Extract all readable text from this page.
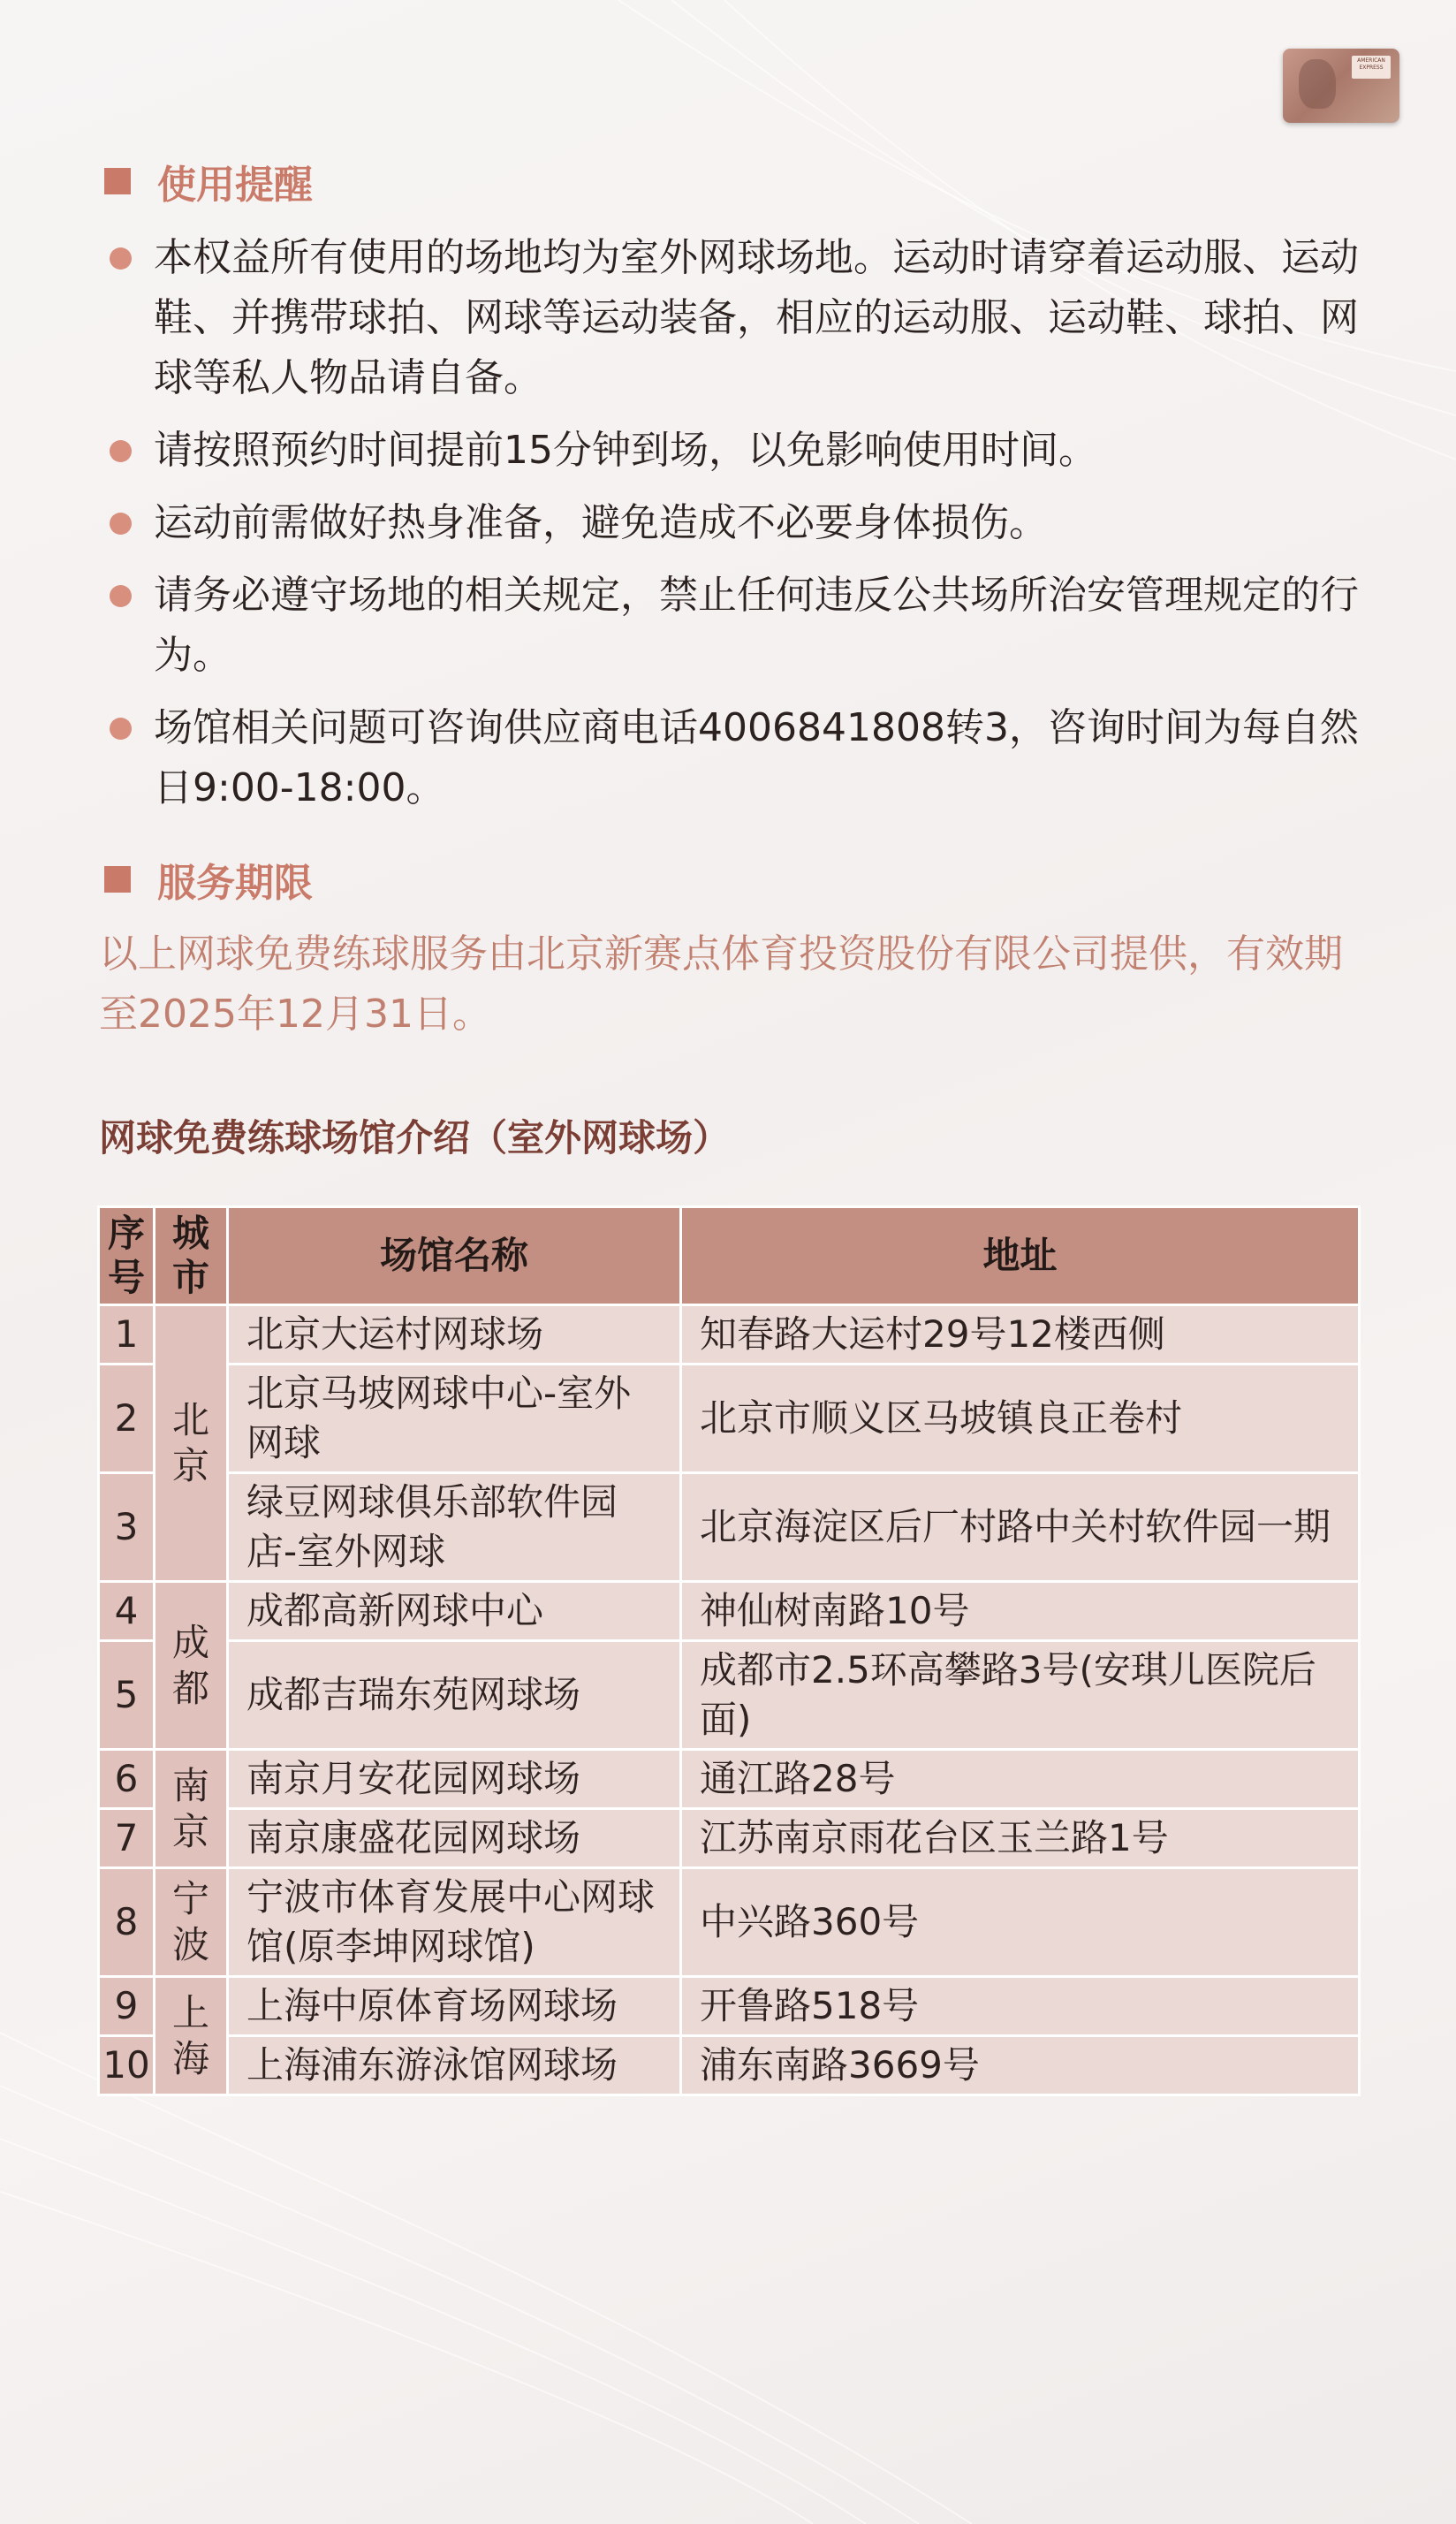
AMERICAN
EXPRESS
使用提醒
本权益所有使用的场地均为室外网球场地。运动时请穿着运动服、运动鞋、并携带球拍、网球等运动装备，相应的运动服、运动鞋、球拍、网球等私人物品请自备。
请按照预约时间提前15分钟到场，以免影响使用时间。
运动前需做好热身准备，避免造成不必要身体损伤。
请务必遵守场地的相关规定，禁止任何违反公共场所治安管理规定的行为。
场馆相关问题可咨询供应商电话4006841808转3，咨询时间为每自然日9:00-18:00。
服务期限
以上网球免费练球服务由北京新赛点体育投资股份有限公司提供，有效期至2025年12月31日。
网球免费练球场馆介绍（室外网球场）
序号	城市	场馆名称	地址
1	北京	北京大运村网球场	知春路大运村29号12楼西侧
2		北京马坡网球中心-室外网球	北京市顺义区马坡镇良正卷村
3		绿豆网球俱乐部软件园店-室外网球	北京海淀区后厂村路中关村软件园一期
4	成都	成都高新网球中心	神仙树南路10号
5		成都吉瑞东苑网球场	成都市2.5环高攀路3号(安琪儿医院后面)
6	南京	南京月安花园网球场	通江路28号
7		南京康盛花园网球场	江苏南京雨花台区玉兰路1号
8	宁波	宁波市体育发展中心网球馆(原李坤网球馆)	中兴路360号
9	上海	上海中原体育场网球场	开鲁路518号
10		上海浦东游泳馆网球场	浦东南路3669号
